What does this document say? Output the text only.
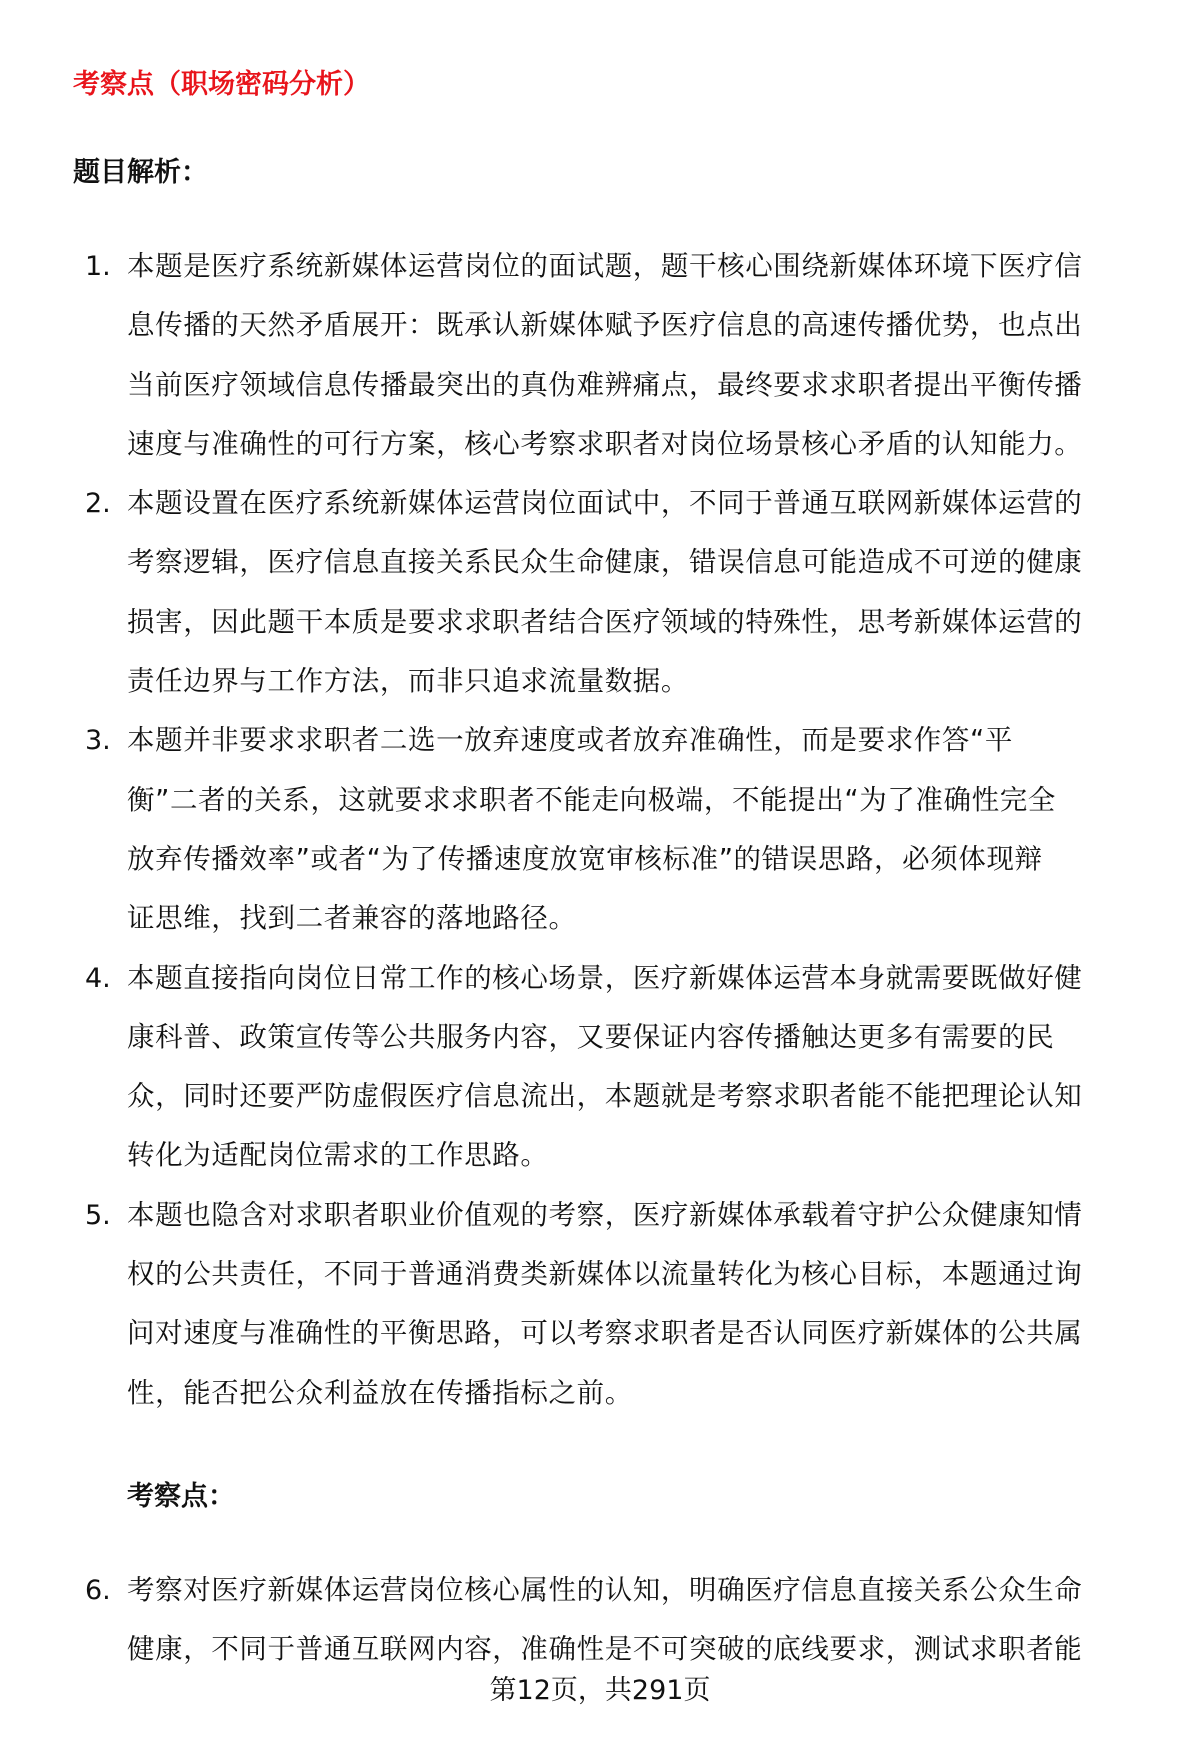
考察点（职场密码分析）
题目解析：
1. 本题是医疗系统新媒体运营岗位的面试题，题干核心围绕新媒体环境下医疗信
息传播的天然矛盾展开：既承认新媒体赋予医疗信息的高速传播优势，也点出
当前医疗领域信息传播最突出的真伪难辨痛点，最终要求求职者提出平衡传播
速度与准确性的可行方案，核心考察求职者对岗位场景核心矛盾的认知能力。
2. 本题设置在医疗系统新媒体运营岗位面试中，不同于普通互联网新媒体运营的
考察逻辑，医疗信息直接关系民众生命健康，错误信息可能造成不可逆的健康
损害，因此题干本质是要求求职者结合医疗领域的特殊性，思考新媒体运营的
责任边界与工作方法，而非只追求流量数据。
3. 本题并非要求求职者二选一放弃速度或者放弃准确性，而是要求作答“平
衡”二者的关系，这就要求求职者不能走向极端，不能提出“为了准确性完全
放弃传播效率”或者“为了传播速度放宽审核标准”的错误思路，必须体现辩
证思维，找到二者兼容的落地路径。
4. 本题直接指向岗位日常工作的核心场景，医疗新媒体运营本身就需要既做好健
康科普、政策宣传等公共服务内容，又要保证内容传播触达更多有需要的民
众，同时还要严防虚假医疗信息流出，本题就是考察求职者能不能把理论认知
转化为适配岗位需求的工作思路。
5. 本题也隐含对求职者职业价值观的考察，医疗新媒体承载着守护公众健康知情
权的公共责任，不同于普通消费类新媒体以流量转化为核心目标，本题通过询
问对速度与准确性的平衡思路，可以考察求职者是否认同医疗新媒体的公共属
性，能否把公众利益放在传播指标之前。
考察点：
6. 考察对医疗新媒体运营岗位核心属性的认知，明确医疗信息直接关系公众生命
健康，不同于普通互联网内容，准确性是不可突破的底线要求，测试求职者能
第12页，共291页
